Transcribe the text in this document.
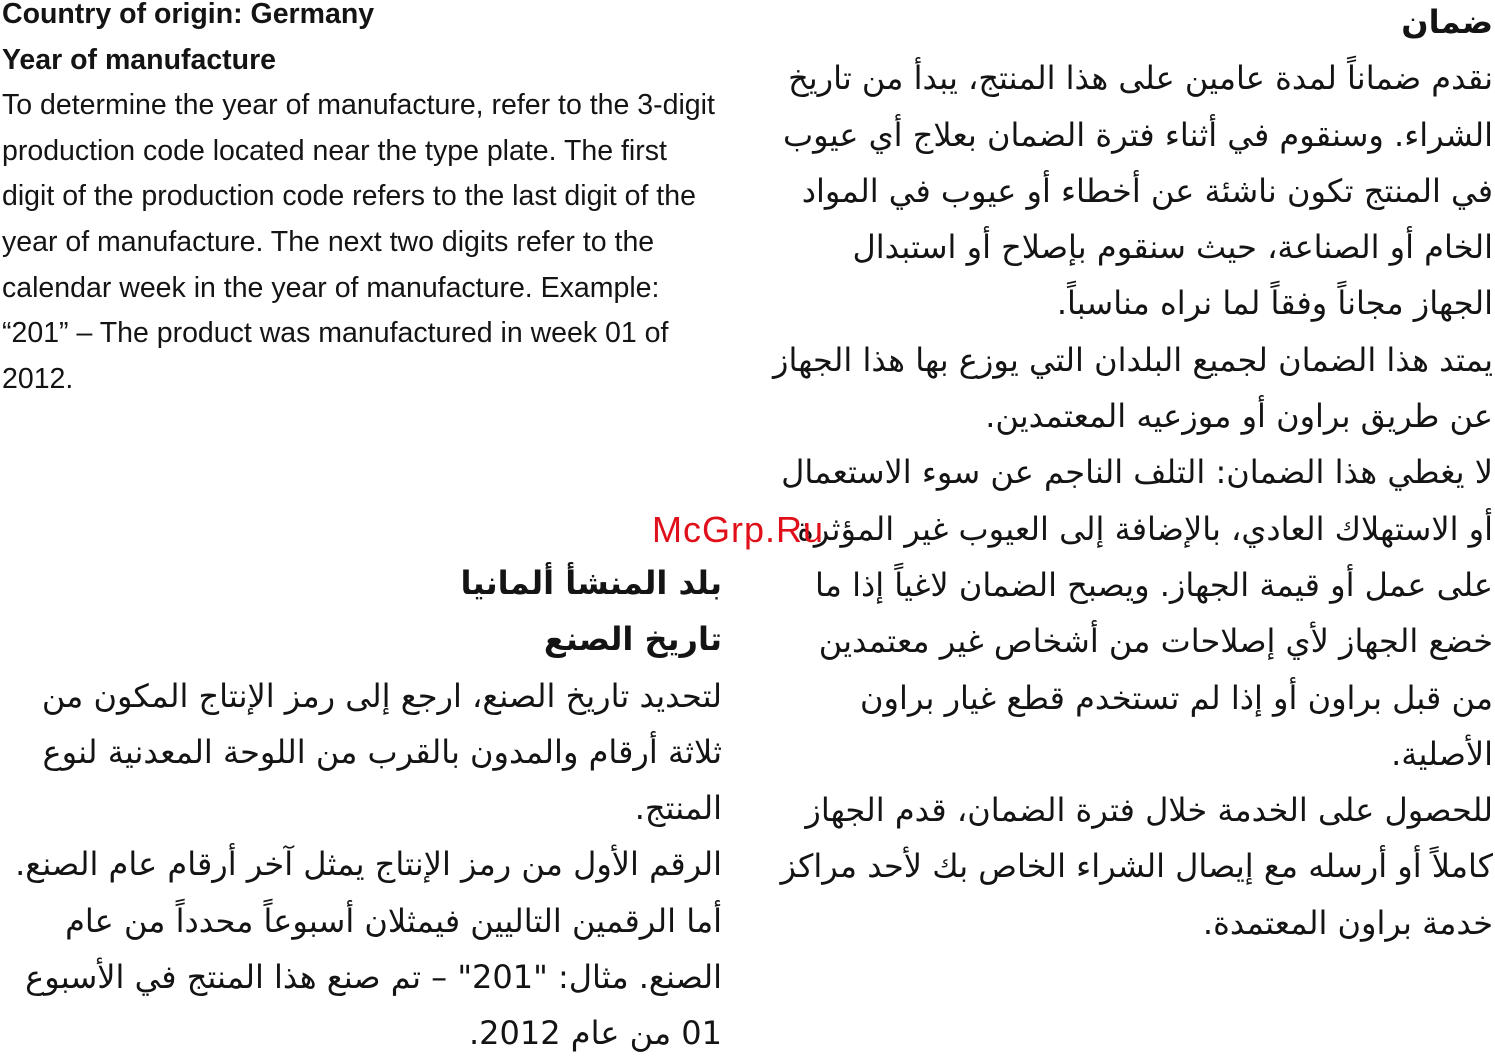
Country of origin: Germany

Year of manufacture

To determine the year of manufacture, refer to the 3-digit production code located near the type plate. The first digit of the production code refers to the last digit of the year of manufacture. The next two digits refer to the calendar week in the year of manufacture. Example: “201” – The product was manufactured in week 01 of 2012.

ضمان

نقدم ضماناً لمدة عامين على هذا المنتج، يبدأ من تاريخ الشراء. وسنقوم في أثناء فترة الضمان بعلاج أي عيوب في المنتج تكون ناشئة عن أخطاء أو عيوب في المواد الخام أو الصناعة، حيث سنقوم بإصلاح أو استبدال الجهاز مجاناً وفقاً لما نراه مناسباً.

يمتد هذا الضمان لجميع البلدان التي يوزع بها هذا الجهاز عن طريق براون أو موزعيه المعتمدين.

لا يغطي هذا الضمان: التلف الناجم عن سوء الاستعمال أو الاستهلاك العادي، بالإضافة إلى العيوب غير المؤثرة على عمل أو قيمة الجهاز. ويصبح الضمان لاغياً إذا ما خضع الجهاز لأي إصلاحات من أشخاص غير معتمدين من قبل براون أو إذا لم تستخدم قطع غيار براون الأصلية.

للحصول على الخدمة خلال فترة الضمان، قدم الجهاز كاملاً أو أرسله مع إيصال الشراء الخاص بك لأحد مراكز خدمة براون المعتمدة.

بلد المنشأ ألمانيا

تاريخ الصنع

لتحديد تاريخ الصنع، ارجع إلى رمز الإنتاج المكون من ثلاثة أرقام والمدون بالقرب من اللوحة المعدنية لنوع المنتج.

الرقم الأول من رمز الإنتاج يمثل آخر أرقام عام الصنع. أما الرقمين التاليين فيمثلان أسبوعاً محدداً من عام الصنع. مثال: "201" – تم صنع هذا المنتج في الأسبوع 01 من عام 2012.

McGrp.Ru
